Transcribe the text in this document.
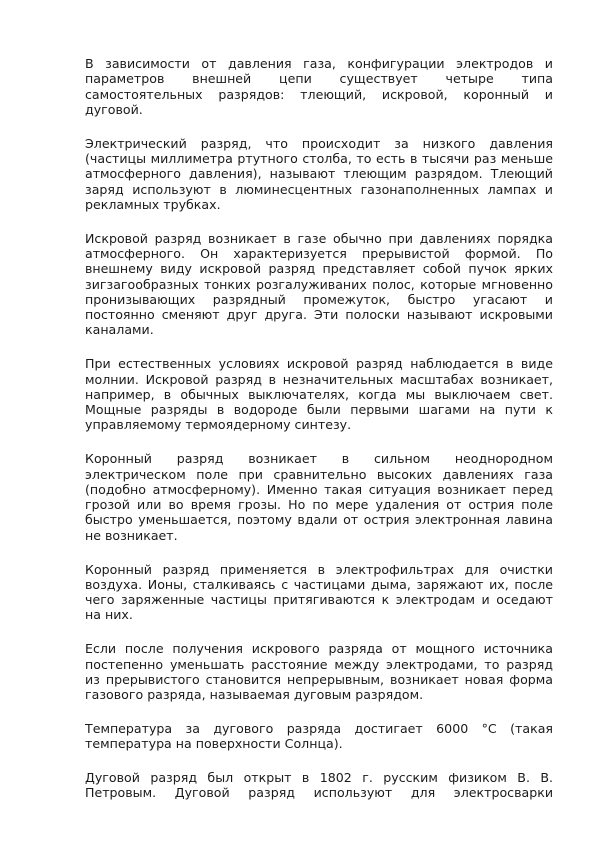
В зависимости от давления газа, конфигурации электродов и параметров внешней цепи существует четыре типа самостоятельных разрядов: тлеющий, искровой, коронный и дуговой.

Электрический разряд, что происходит за низкого давления (частицы миллиметра ртутного столба, то есть в тысячи раз меньше атмосферного давления), называют тлеющим разрядом. Тлеющий заряд используют в люминесцентных газонаполненных лампах и рекламных трубках.

Искровой разряд возникает в газе обычно при давлениях порядка атмосферного. Он характеризуется прерывистой формой. По внешнему виду искровой разряд представляет собой пучок ярких зигзагообразных тонких розгалуживаних полос, которые мгновенно пронизывающих разрядный промежуток, быстро угасают и постоянно сменяют друг друга. Эти полоски называют искровыми каналами.

При естественных условиях искровой разряд наблюдается в виде молнии. Искровой разряд в незначительных масштабах возникает, например, в обычных выключателях, когда мы выключаем свет. Мощные разряды в водороде были первыми шагами на пути к управляемому термоядерному синтезу.

Коронный разряд возникает в сильном неоднородном электрическом поле при сравнительно высоких давлениях газа (подобно атмосферному). Именно такая ситуация возникает перед грозой или во время грозы. Но по мере удаления от острия поле быстро уменьшается, поэтому вдали от острия электронная лавина не возникает.

Коронный разряд применяется в электрофильтрах для очистки воздуха. Ионы, сталкиваясь с частицами дыма, заряжают их, после чего заряженные частицы притягиваются к электродам и оседают на них.

Если после получения искрового разряда от мощного источника постепенно уменьшать расстояние между электродами, то разряд из прерывистого становится непрерывным, возникает новая форма газового разряда, называемая дуговым разрядом.

Температура за дугового разряда достигает 6000 °С (такая температура на поверхности Солнца).

Дуговой разряд был открыт в 1802 г. русским физиком В. В. Петровым. Дуговой разряд используют для электросварки
